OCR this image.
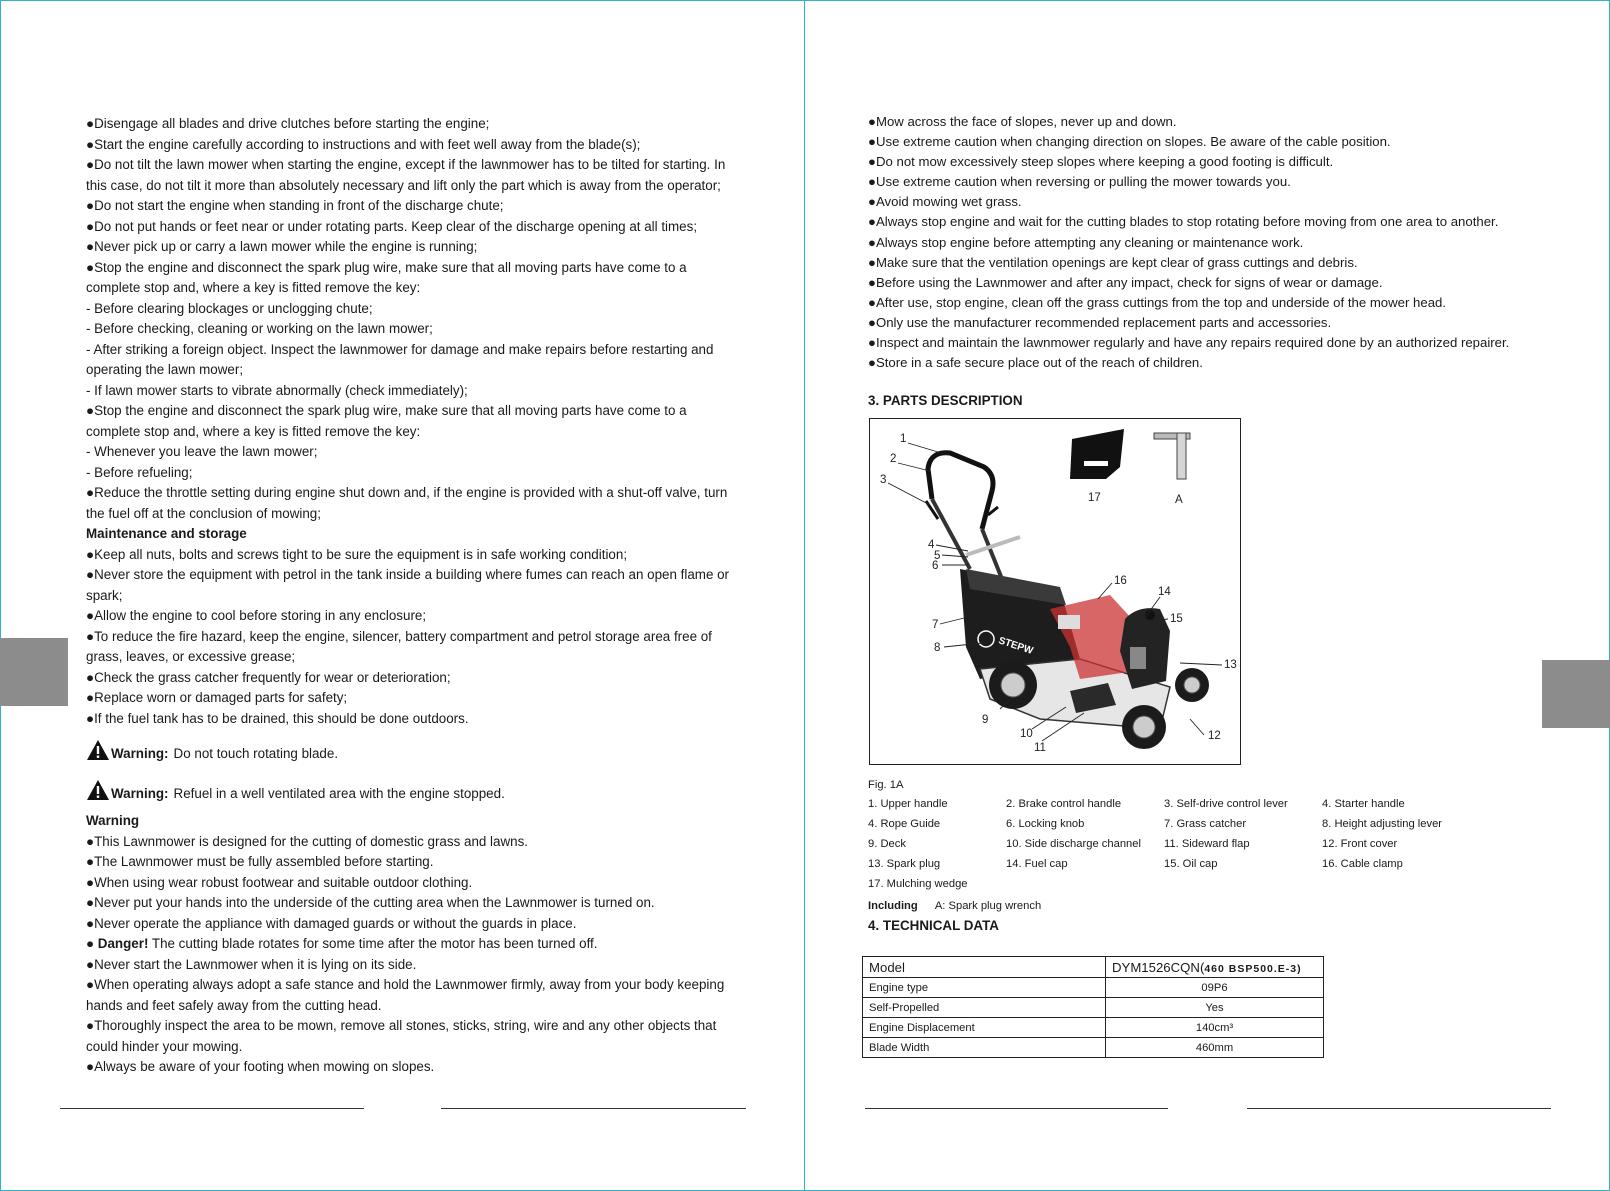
●Disengage all blades and drive clutches before starting the engine;
●Start the engine carefully according to instructions and with feet well away from the blade(s);
●Do not tilt the lawn mower when starting the engine, except if the lawnmower has to be tilted for starting. In
this case, do not tilt it more than absolutely necessary and lift only the part which is away from the operator;
●Do not start the engine when standing in front of the discharge chute;
●Do not put hands or feet near or under rotating parts. Keep clear of the discharge opening at all times;
●Never pick up or carry a lawn mower while the engine is running;
●Stop the engine and disconnect the spark plug wire, make sure that all moving parts have come to a
complete stop and, where a key is fitted remove the key:
- Before clearing blockages or unclogging chute;
- Before checking, cleaning or working on the lawn mower;
- After striking a foreign object. Inspect the lawnmower for damage and make repairs before restarting and
operating the lawn mower;
- If lawn mower starts to vibrate abnormally (check immediately);
●Stop the engine and disconnect the spark plug wire, make sure that all moving parts have come to a
complete stop and, where a key is fitted remove the key:
- Whenever you leave the lawn mower;
- Before refueling;
●Reduce the throttle setting during engine shut down and, if the engine is provided with a shut-off valve, turn
the fuel off at the conclusion of mowing;
Maintenance and storage
●Keep all nuts, bolts and screws tight to be sure the equipment is in safe working condition;
●Never store the equipment with petrol in the tank inside a building where fumes can reach an open flame or
spark;
●Allow the engine to cool before storing in any enclosure;
●To reduce the fire hazard, keep the engine, silencer, battery compartment and petrol storage area free of
grass, leaves, or excessive grease;
●Check the grass catcher frequently for wear or deterioration;
●Replace worn or damaged parts for safety;
●If the fuel tank has to be drained, this should be done outdoors.
Warning: Do not touch rotating blade.
Warning: Refuel in a well ventilated area with the engine stopped.
Warning
●This Lawnmower is designed for the cutting of domestic grass and lawns.
●The Lawnmower must be fully assembled before starting.
●When using wear robust footwear and suitable outdoor clothing.
●Never put your hands into the underside of the cutting area when the Lawnmower is turned on.
●Never operate the appliance with damaged guards or without the guards in place.
● Danger! The cutting blade rotates for some time after the motor has been turned off.
●Never start the Lawnmower when it is lying on its side.
●When operating always adopt a safe stance and hold the Lawnmower firmly, away from your body keeping
hands and feet safely away from the cutting head.
●Thoroughly inspect the area to be mown, remove all stones, sticks, string, wire and any other objects that
could hinder your mowing.
●Always be aware of your footing when mowing on slopes.
●Mow across the face of slopes, never up and down.
●Use extreme caution when changing direction on slopes. Be aware of the cable position.
●Do not mow excessively steep slopes where keeping a good footing is difficult.
●Use extreme caution when reversing or pulling the mower towards you.
●Avoid mowing wet grass.
●Always stop engine and wait for the cutting blades to stop rotating before moving from one area to another.
●Always stop engine before attempting any cleaning or maintenance work.
●Make sure that the ventilation openings are kept clear of grass cuttings and debris.
●Before using the Lawnmower and after any impact, check for signs of wear or damage.
●After use, stop engine, clean off the grass cuttings from the top and underside of the mower head.
●Only use the manufacturer recommended replacement parts and accessories.
●Inspect and maintain the lawnmower regularly and have any repairs required done by an authorized repairer.
●Store in a safe secure place out of the reach of children.
3. PARTS DESCRIPTION
STEPW
17	A
1
2
3
4
5
6
7
8
9
10
11
12
13
14
15
16
Fig. 1A
1. Upper handle	2. Brake control handle	3. Self-drive control lever	4. Starter handle
4. Rope Guide	6. Locking knob	7. Grass catcher	8. Height adjusting lever
9. Deck	10. Side discharge channel 11. Sideward flap	12. Front cover
13. Spark plug	14. Fuel cap	15. Oil cap	16. Cable clamp
17. Mulching wedge
Including A: Spark plug wrench
4. TECHNICAL DATA
Model	DYM1526CQN(460 BSP500.E-3)
Engine type	09P6
Self-Propelled	Yes
Engine Displacement	140cm³
Blade Width	460mm
